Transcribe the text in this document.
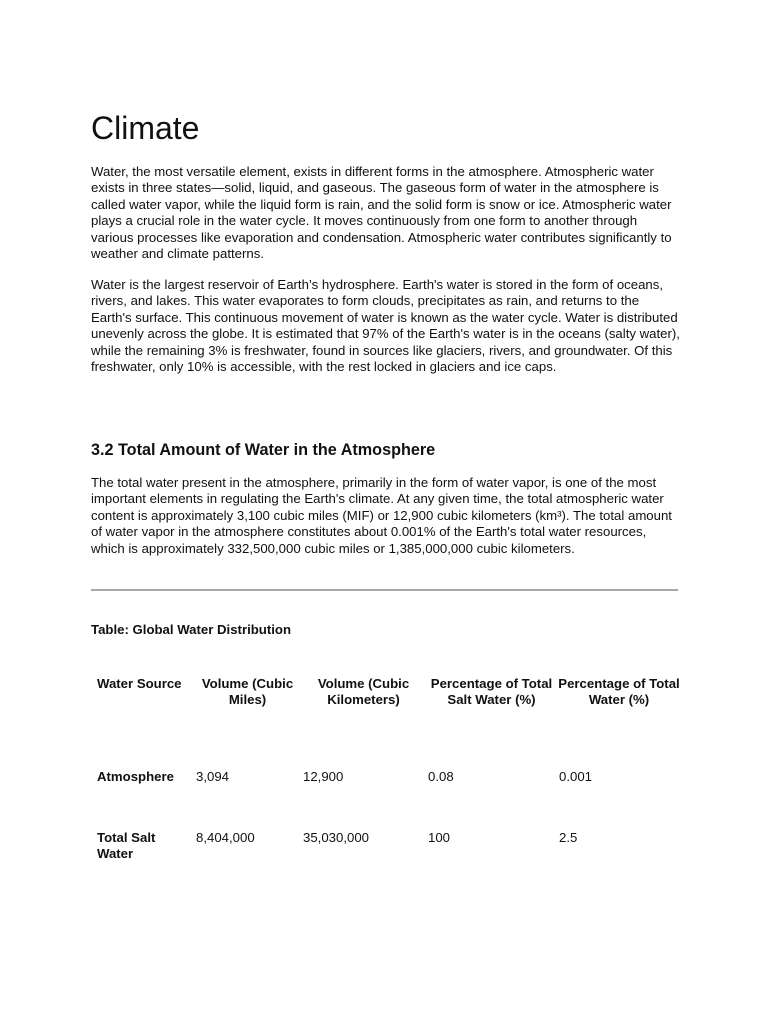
Climate

Water, the most versatile element, exists in different forms in the atmosphere. Atmospheric water exists in three states—solid, liquid, and gaseous. The gaseous form of water in the atmosphere is called water vapor, while the liquid form is rain, and the solid form is snow or ice. Atmospheric water plays a crucial role in the water cycle. It moves continuously from one form to another through various processes like evaporation and condensation. Atmospheric water contributes significantly to weather and climate patterns.

Water is the largest reservoir of Earth’s hydrosphere. Earth's water is stored in the form of oceans, rivers, and lakes. This water evaporates to form clouds, precipitates as rain, and returns to the Earth's surface. This continuous movement of water is known as the water cycle. Water is distributed unevenly across the globe. It is estimated that 97% of the Earth's water is in the oceans (salty water), while the remaining 3% is freshwater, found in sources like glaciers, rivers, and groundwater. Of this freshwater, only 10% is accessible, with the rest locked in glaciers and ice caps.

3.2 Total Amount of Water in the Atmosphere

The total water present in the atmosphere, primarily in the form of water vapor, is one of the most important elements in regulating the Earth's climate. At any given time, the total atmospheric water content is approximately 3,100 cubic miles (MIF) or 12,900 cubic kilometers (km³). The total amount of water vapor in the atmosphere constitutes about 0.001% of the Earth's total water resources, which is approximately 332,500,000 cubic miles or 1,385,000,000 cubic kilometers.

Table: Global Water Distribution

Water Source	Volume (Cubic Miles)	Volume (Cubic Kilometers)	Percentage of Total Salt Water (%)	Percentage of Total Water (%)
Atmosphere	3,094	12,900	0.08	0.001
Total Salt Water	8,404,000	35,030,000	100	2.5
